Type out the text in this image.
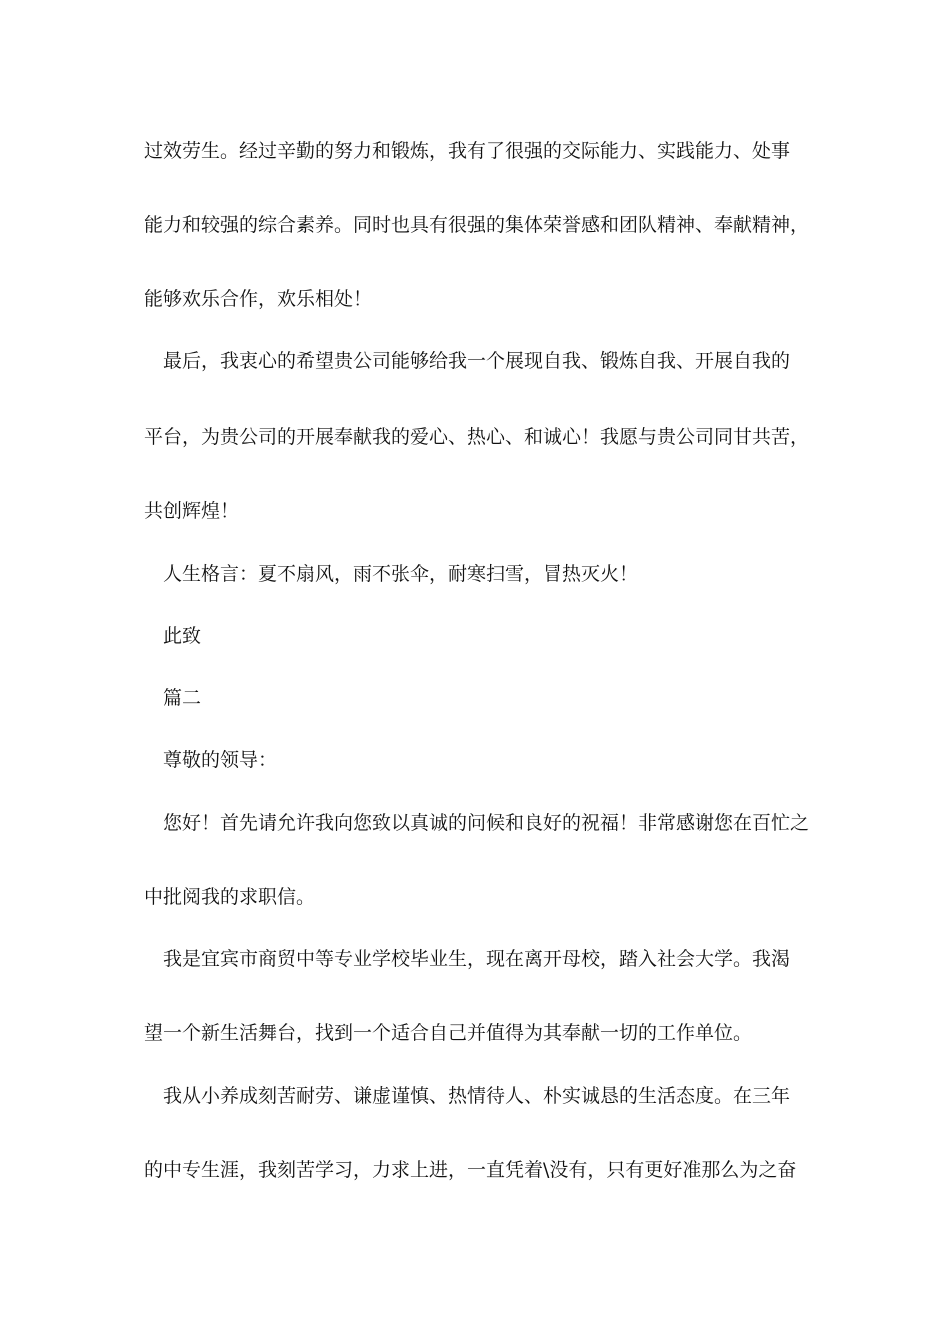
过效劳生。经过辛勤的努力和锻炼，我有了很强的交际能力、实践能力、处事
能力和较强的综合素养。同时也具有很强的集体荣誉感和团队精神、奉献精神，
能够欢乐合作，欢乐相处！
最后，我衷心的希望贵公司能够给我一个展现自我、锻炼自我、开展自我的
平台，为贵公司的开展奉献我的爱心、热心、和诚心！我愿与贵公司同甘共苦，
共创辉煌！
人生格言：夏不扇风，雨不张伞，耐寒扫雪，冒热灭火！
此致
篇二
尊敬的领导：
您好！首先请允许我向您致以真诚的问候和良好的祝福！非常感谢您在百忙之
中批阅我的求职信。
我是宜宾市商贸中等专业学校毕业生，现在离开母校，踏入社会大学。我渴
望一个新生活舞台，找到一个适合自己并值得为其奉献一切的工作单位。
我从小养成刻苦耐劳、谦虚谨慎、热情待人、朴实诚恳的生活态度。在三年
的中专生涯，我刻苦学习，力求上进，一直凭着\没有，只有更好准那么为之奋
